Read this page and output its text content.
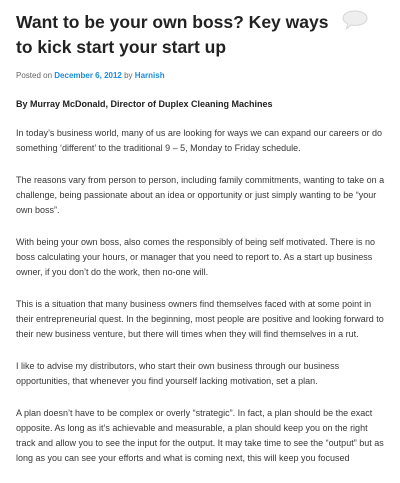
Want to be your own boss? Key ways to kick start your start up
Posted on December 6, 2012 by Harnish

By Murray McDonald, Director of Duplex Cleaning Machines

In today’s business world, many of us are looking for ways we can expand our careers or do something ‘different’ to the traditional 9 – 5, Monday to Friday schedule.

The reasons vary from person to person, including family commitments, wanting to take on a challenge, being passionate about an idea or opportunity or just simply wanting to be “your own boss”.

With being your own boss, also comes the responsibly of being self motivated. There is no boss calculating your hours, or manager that you need to report to. As a start up business owner, if you don’t do the work, then no-one will.

This is a situation that many business owners find themselves faced with at some point in their entrepreneurial quest. In the beginning, most people are positive and looking forward to their new business venture, but there will times when they will find themselves in a rut.

I like to advise my distributors, who start their own business through our business opportunities, that whenever you find yourself lacking motivation, set a plan.

A plan doesn’t have to be complex or overly “strategic”. In fact, a plan should be the exact opposite. As long as it’s achievable and measurable, a plan should keep you on the right track and allow you to see the input for the output. It may take time to see the “output” but as long as you can see your efforts and what is coming next, this will keep you focused
